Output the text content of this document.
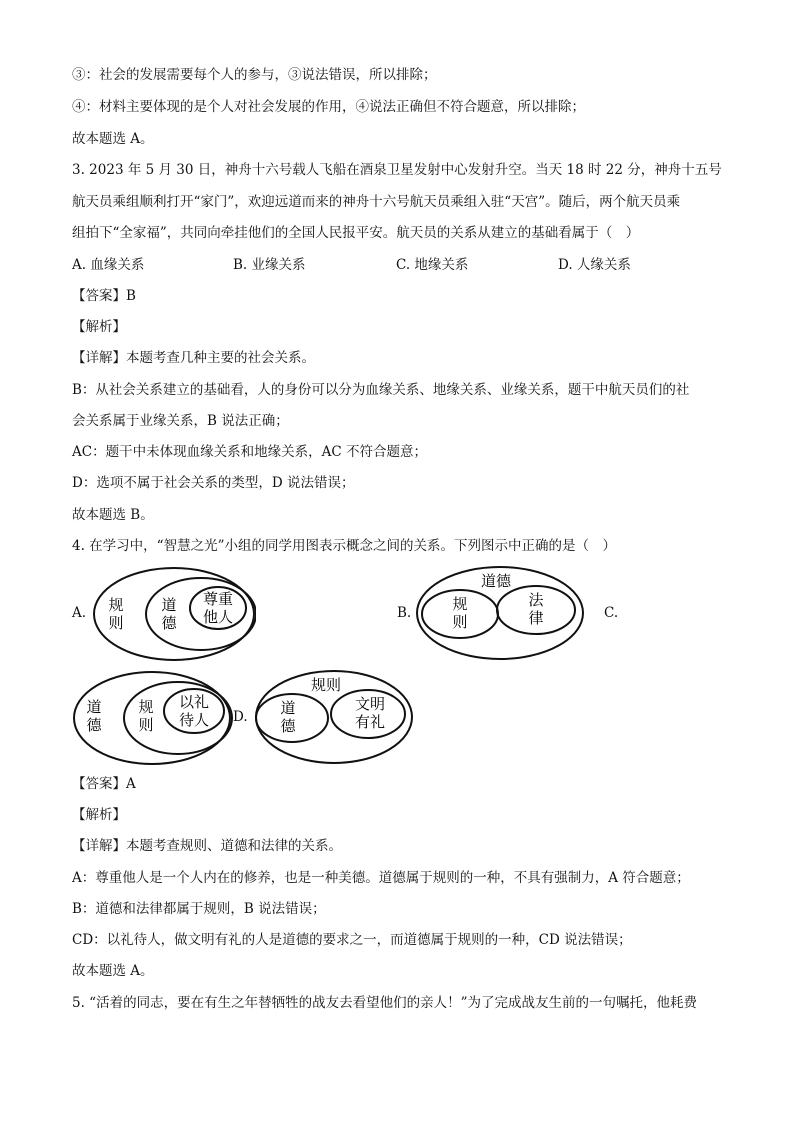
③：社会的发展需要每个人的参与，③说法错误，所以排除；
④：材料主要体现的是个人对社会发展的作用，④说法正确但不符合题意，所以排除；
故本题选 A。
3. 2023 年 5 月 30 日，神舟十六号载人飞船在酒泉卫星发射中心发射升空。当天 18 时 22 分，神舟十五号
航天员乘组顺利打开“家门”，欢迎远道而来的神舟十六号航天员乘组入驻“天宫”。随后，两个航天员乘
组拍下“全家福”，共同向牵挂他们的全国人民报平安。航天员的关系从建立的基础看属于（　）
A. 血缘关系	B. 业缘关系	C. 地缘关系	D. 人缘关系
【答案】B
【解析】
【详解】本题考查几种主要的社会关系。
B：从社会关系建立的基础看，人的身份可以分为血缘关系、地缘关系、业缘关系，题干中航天员们的社
会关系属于业缘关系，B 说法正确；
AC：题干中未体现血缘关系和地缘关系，AC 不符合题意；
D：选项不属于社会关系的类型，D 说法错误；
故本题选 B。
4. 在学习中，“智慧之光”小组的同学用图表示概念之间的关系。下列图示中正确的是（　）
A. 规
则
道
德
尊重
他人	B.
道德
规
则
法
律	C.
道
德
规
则
以礼
待人 D.
规则
道
德
文明
有礼
【答案】A
【解析】
【详解】本题考查规则、道德和法律的关系。
A：尊重他人是一个人内在的修养，也是一种美德。道德属于规则的一种，不具有强制力，A 符合题意；
B：道德和法律都属于规则，B 说法错误；
CD：以礼待人，做文明有礼的人是道德的要求之一，而道德属于规则的一种，CD 说法错误；
故本题选 A。
5. “活着的同志，要在有生之年替牺牲的战友去看望他们的亲人！”为了完成战友生前的一句嘱托，他耗费
